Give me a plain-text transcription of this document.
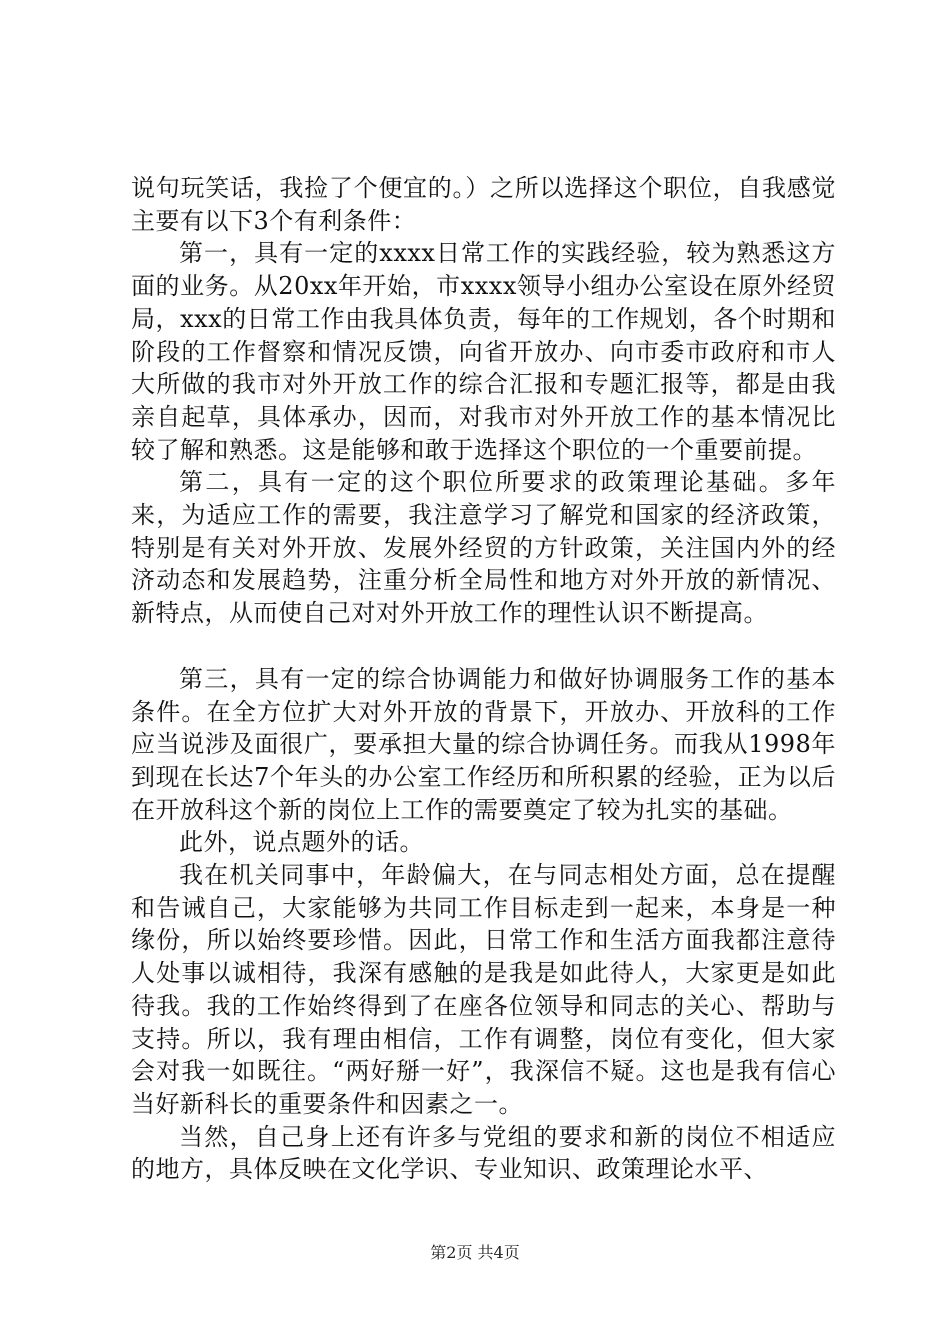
说句玩笑话，我捡了个便宜的。）之所以选择这个职位，自我感觉主要有以下3个有利条件：

第一，具有一定的xxxx日常工作的实践经验，较为熟悉这方面的业务。从20xx年开始，市xxxx领导小组办公室设在原外经贸局，xxx的日常工作由我具体负责，每年的工作规划，各个时期和阶段的工作督察和情况反馈，向省开放办、向市委市政府和市人大所做的我市对外开放工作的综合汇报和专题汇报等，都是由我亲自起草，具体承办，因而，对我市对外开放工作的基本情况比较了解和熟悉。这是能够和敢于选择这个职位的一个重要前提。

第二，具有一定的这个职位所要求的政策理论基础。多年来，为适应工作的需要，我注意学习了解党和国家的经济政策，特别是有关对外开放、发展外经贸的方针政策，关注国内外的经济动态和发展趋势，注重分析全局性和地方对外开放的新情况、新特点，从而使自己对对外开放工作的理性认识不断提高。

第三，具有一定的综合协调能力和做好协调服务工作的基本条件。在全方位扩大对外开放的背景下，开放办、开放科的工作应当说涉及面很广，要承担大量的综合协调任务。而我从1998年到现在长达7个年头的办公室工作经历和所积累的经验，正为以后在开放科这个新的岗位上工作的需要奠定了较为扎实的基础。

此外，说点题外的话。

我在机关同事中，年龄偏大，在与同志相处方面，总在提醒和告诫自己，大家能够为共同工作目标走到一起来，本身是一种缘份，所以始终要珍惜。因此，日常工作和生活方面我都注意待人处事以诚相待，我深有感触的是我是如此待人，大家更是如此待我。我的工作始终得到了在座各位领导和同志的关心、帮助与支持。所以，我有理由相信，工作有调整，岗位有变化，但大家会对我一如既往。“两好掰一好”，我深信不疑。这也是我有信心当好新科长的重要条件和因素之一。

当然，自己身上还有许多与党组的要求和新的岗位不相适应的地方，具体反映在文化学识、专业知识、政策理论水平、

第2页 共4页
